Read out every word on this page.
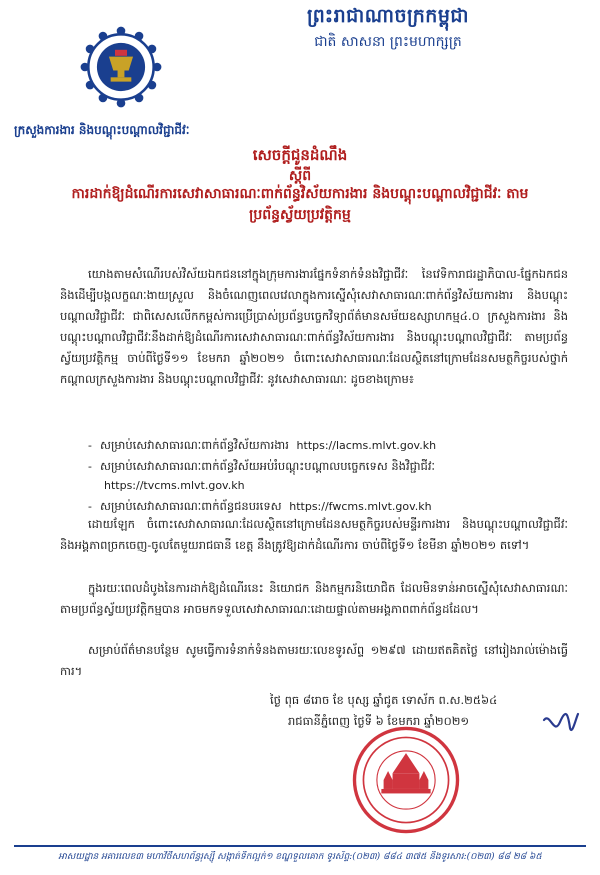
ព្រះរាជាណាចក្រកម្ពុជា
ជាតិ សាសនា ព្រះមហាក្សត្រ
ក្រសួងការងារ និងបណ្តុះបណ្តាលវិជ្ជាជីវៈ
សេចក្តីជូនដំណឹង
ស្តីពី
ការដាក់ឱ្យដំណើរការសេវាសាធារណៈពាក់ព័ន្ធវិស័យការងារ និងបណ្តុះបណ្តាលវិជ្ជាជីវៈ តាមប្រព័ន្ធស្វ័យប្រវត្តិកម្ម

យោងតាមសំណើរបស់វិស័យឯកជននៅក្នុងក្រុមការងារផ្នែកទំនាក់ទំនងវិជ្ជាជីវៈ នៃវេទិការាជរដ្ឋាភិបាល-ផ្នែកឯកជន និងដើម្បីបង្កលក្ខណៈងាយស្រួល និងចំណេញពេលវេលាក្នុងការស្នើសុំសេវាសាធារណៈពាក់ព័ន្ធវិស័យការងារ និងបណ្តុះបណ្តាលវិជ្ជាជីវៈ ជាពិសេសលើកកម្ពស់ការប្រើប្រាស់ប្រព័ន្ធបច្ចេកវិទ្យាព័ត៌មានសម័យឧស្សាហកម្ម៤.០ ក្រសួងការងារ និងបណ្តុះបណ្តាលវិជ្ជាជីវៈនឹងដាក់ឱ្យដំណើរការសេវាសាធារណៈពាក់ព័ន្ធវិស័យការងារ និងបណ្តុះបណ្តាលវិជ្ជាជីវៈ តាមប្រព័ន្ធស្វ័យប្រវត្តិកម្ម ចាប់ពីថ្ងៃទី១១ ខែមករា ឆ្នាំ២០២១ ចំពោះសេវាសាធារណៈដែលស្ថិតនៅក្រោមដែនសមត្ថកិច្ចរបស់ថ្នាក់កណ្តាលក្រសួងការងារ និងបណ្តុះបណ្តាលវិជ្ជាជីវៈ នូវសេវាសាធារណៈ ដូចខាងក្រោម៖

- សម្រាប់សេវាសាធារណៈពាក់ព័ន្ធវិស័យការងារ https://lacms.mlvt.gov.kh
- សម្រាប់សេវាសាធារណៈពាក់ព័ន្ធវិស័យអប់រំបណ្តុះបណ្តាលបច្ចេកទេស និងវិជ្ជាជីវៈ https://tvcms.mlvt.gov.kh
- សម្រាប់សេវាសាធារណៈពាក់ព័ន្ធជនបរទេស https://fwcms.mlvt.gov.kh

ដោយឡែក ចំពោះសេវាសាធារណៈដែលស្ថិតនៅក្រោមដែនសមត្ថកិច្ចរបស់មន្ទីរការងារ និងបណ្តុះបណ្តាលវិជ្ជាជីវៈ និងអង្គភាពច្រកចេញ-ចូលតែមួយរាជធានី ខេត្ត នឹងត្រូវឱ្យដាក់ដំណើរការ ចាប់ពីថ្ងៃទី១ ខែមីនា ឆ្នាំ២០២១ តទៅ។

ក្នុងរយៈពេលដំបូងនៃការដាក់ឱ្យដំណើរនេះ និយោជក និងកម្មករនិយោជិត ដែលមិនទាន់អាចស្នើសុំសេវាសាធារណៈតាមប្រព័ន្ធស្វ័យប្រវត្តិកម្មបាន អាចមកទទួលសេវាសាធារណៈដោយផ្ទាល់តាមអង្គភាពពាក់ព័ន្ធដដែល។

សម្រាប់ព័ត៌មានបន្ថែម សូមធ្វើការទំនាក់ទំនងតាមរយៈលេខទូរស័ព្ទ ១២៩៧ ដោយឥតគិតថ្លៃ នៅរៀងរាល់ម៉ោងធ្វើការ។

ថ្ងៃ ពុធ ៨រោច ខែ បុស្ស ឆ្នាំជូត ទោស័ក ព.ស.២៥៦៤
រាជធានីភ្នំពេញ ថ្ងៃទី ៦ ខែមករា ឆ្នាំ២០២១
អាសយដ្ឋាន អគារលេខ៣ មហាវិថីសហព័ន្ធរុស្ស៊ី សង្កាត់ទឹកល្អក់១ ខណ្ឌទួលគោក ទូរស័ព្ទ:(០២៣) ៨៨៤ ៣៧៥ និងទូរសារ:(០២៣) ៨៨ ២៨ ៦៥
